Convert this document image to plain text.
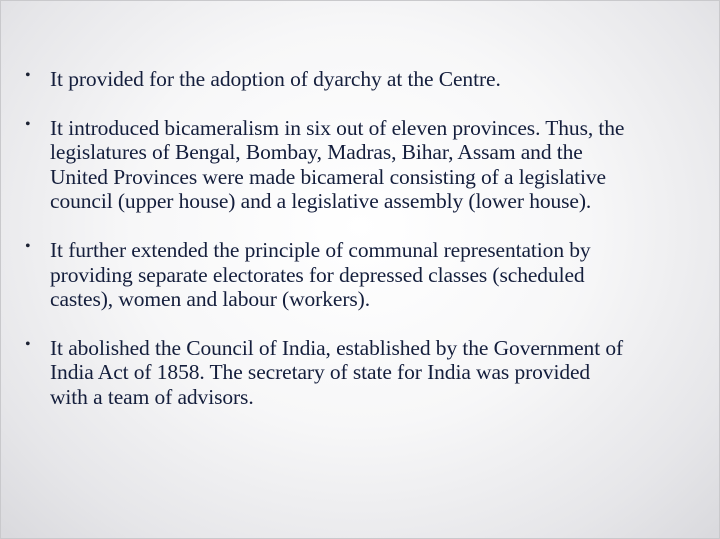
• It provided for the adoption of dyarchy at the Centre.
• It introduced bicameralism in six out of eleven provinces. Thus, the
legislatures of Bengal, Bombay, Madras, Bihar, Assam and the
United Provinces were made bicameral consisting of a legislative
council (upper house) and a legislative assembly (lower house).
• It further extended the principle of communal representation by
providing separate electorates for depressed classes (scheduled
castes), women and labour (workers).
• It abolished the Council of India, established by the Government of
India Act of 1858. The secretary of state for India was provided
with a team of advisors.
